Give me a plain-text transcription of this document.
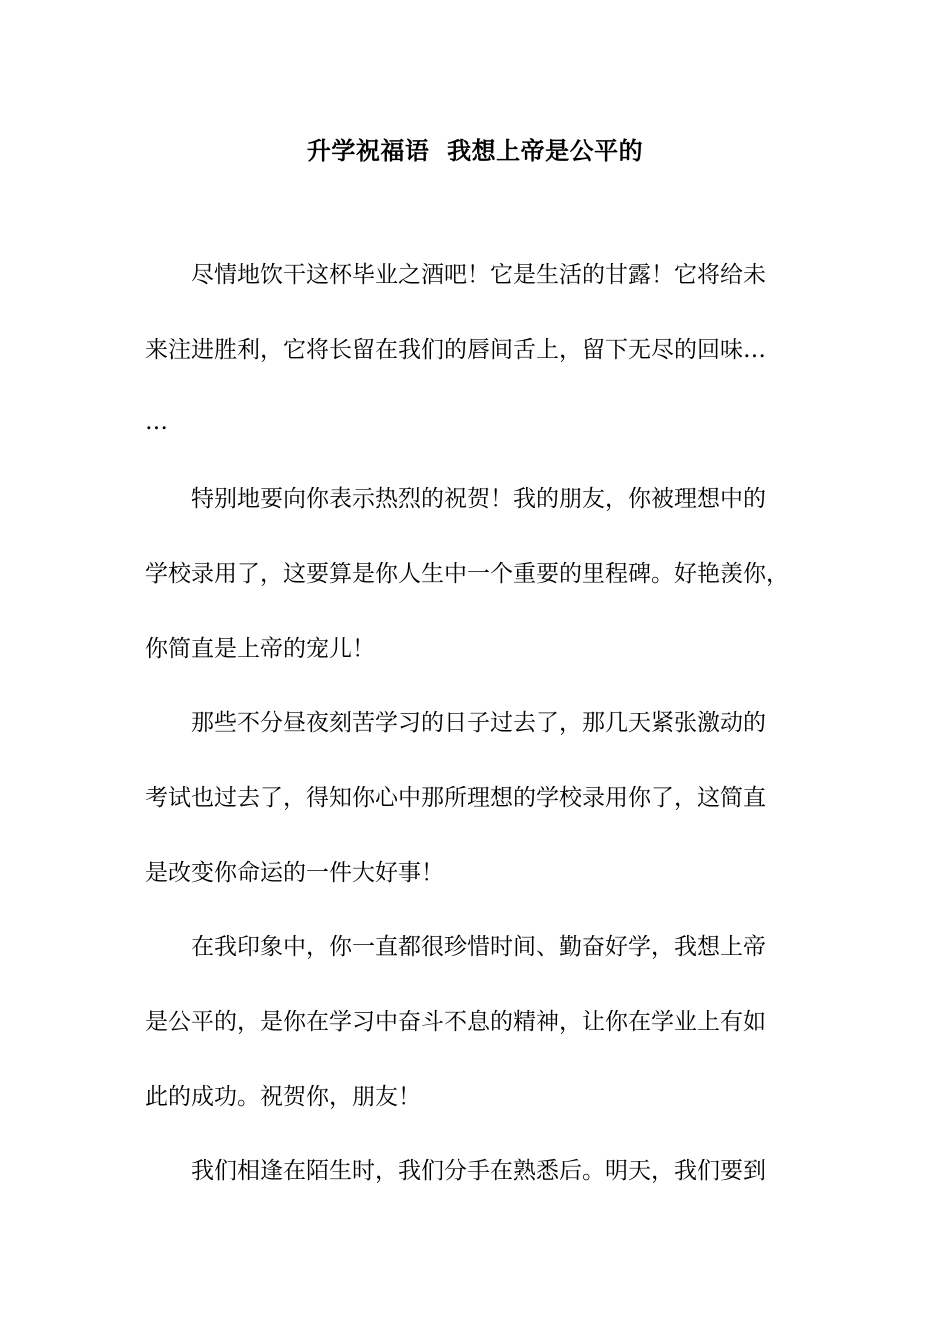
升学祝福语  我想上帝是公平的
　　尽情地饮干这杯毕业之酒吧！它是生活的甘露！它将给未
来注进胜利，它将长留在我们的唇间舌上，留下无尽的回味…
…
　　特别地要向你表示热烈的祝贺！我的朋友，你被理想中的
学校录用了，这要算是你人生中一个重要的里程碑。好艳羡你，
你简直是上帝的宠儿！
　　那些不分昼夜刻苦学习的日子过去了，那几天紧张激动的
考试也过去了，得知你心中那所理想的学校录用你了，这简直
是改变你命运的一件大好事！
　　在我印象中，你一直都很珍惜时间、勤奋好学，我想上帝
是公平的，是你在学习中奋斗不息的精神，让你在学业上有如
此的成功。祝贺你，朋友！
　　我们相逢在陌生时，我们分手在熟悉后。明天，我们要到
